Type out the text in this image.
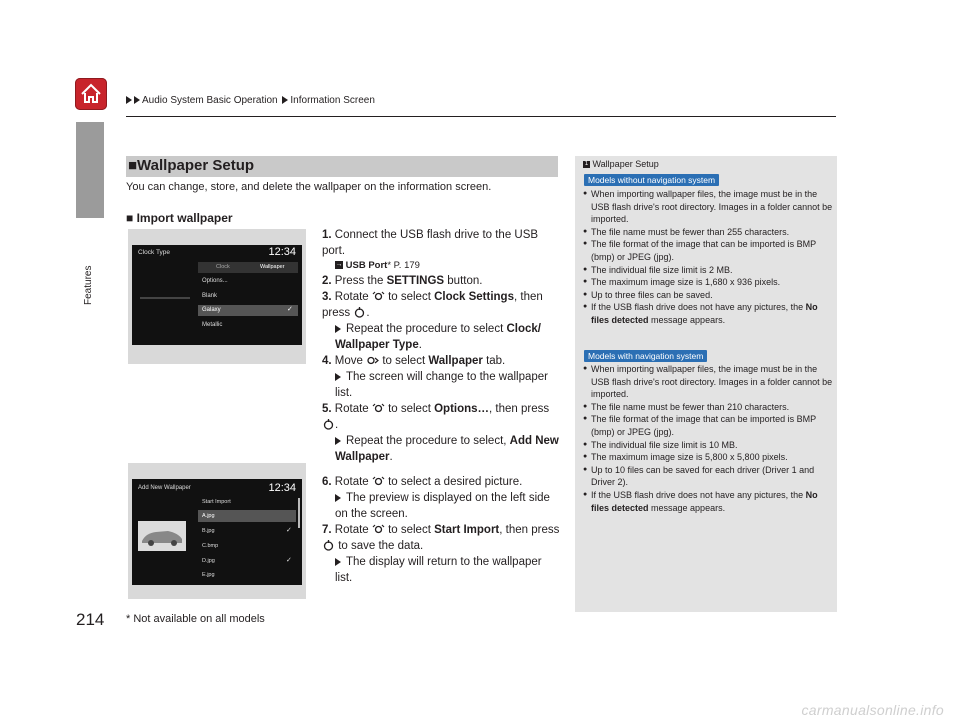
Audio System Basic Operation Information Screen
Features
214
■Wallpaper Setup
You can change, store, and delete the wallpaper on the information screen.
■ Import wallpaper
Clock Type	12:34
Clock	Wallpaper
Options...
Blank
Galaxy	✓
Metallic
Add New Wallpaper	12:34
Start Import
A.jpg
B.jpg	✓
C.bmp
D.jpg	✓
E.jpg

1. Connect the USB flash drive to the USB port.

→ USB Port* P. 179

2. Press the SETTINGS button.

3. Rotate  to select Clock Settings, then press .

Repeat the procedure to select Clock/ Wallpaper Type.

4. Move  to select Wallpaper tab.

The screen will change to the wallpaper list.

5. Rotate  to select Options…, then press
.

Repeat the procedure to select, Add New Wallpaper.

6. Rotate  to select a desired picture.

The preview is displayed on the left side on the screen.

7. Rotate  to select Start Import, then press  to save the data.

The display will return to the wallpaper list.

* Not available on all models
1 Wallpaper Setup
Models without navigation system
● When importing wallpaper files, the image must be in the USB flash drive's root directory. Images in a folder cannot be imported.
● The file name must be fewer than 255 characters.
● The file format of the image that can be imported is BMP (bmp) or JPEG (jpg).
● The individual file size limit is 2 MB.
● The maximum image size is 1,680 x 936 pixels.
● Up to three files can be saved.
● If the USB flash drive does not have any pictures, the No files detected message appears.
Models with navigation system
● When importing wallpaper files, the image must be in the USB flash drive's root directory. Images in a folder cannot be imported.
● The file name must be fewer than 210 characters.
● The file format of the image that can be imported is BMP (bmp) or JPEG (jpg).
● The individual file size limit is 10 MB.
● The maximum image size is 5,800 x 5,800 pixels.
● Up to 10 files can be saved for each driver (Driver 1 and Driver 2).
● If the USB flash drive does not have any pictures, the No files detected message appears.
carmanualsonline.info
